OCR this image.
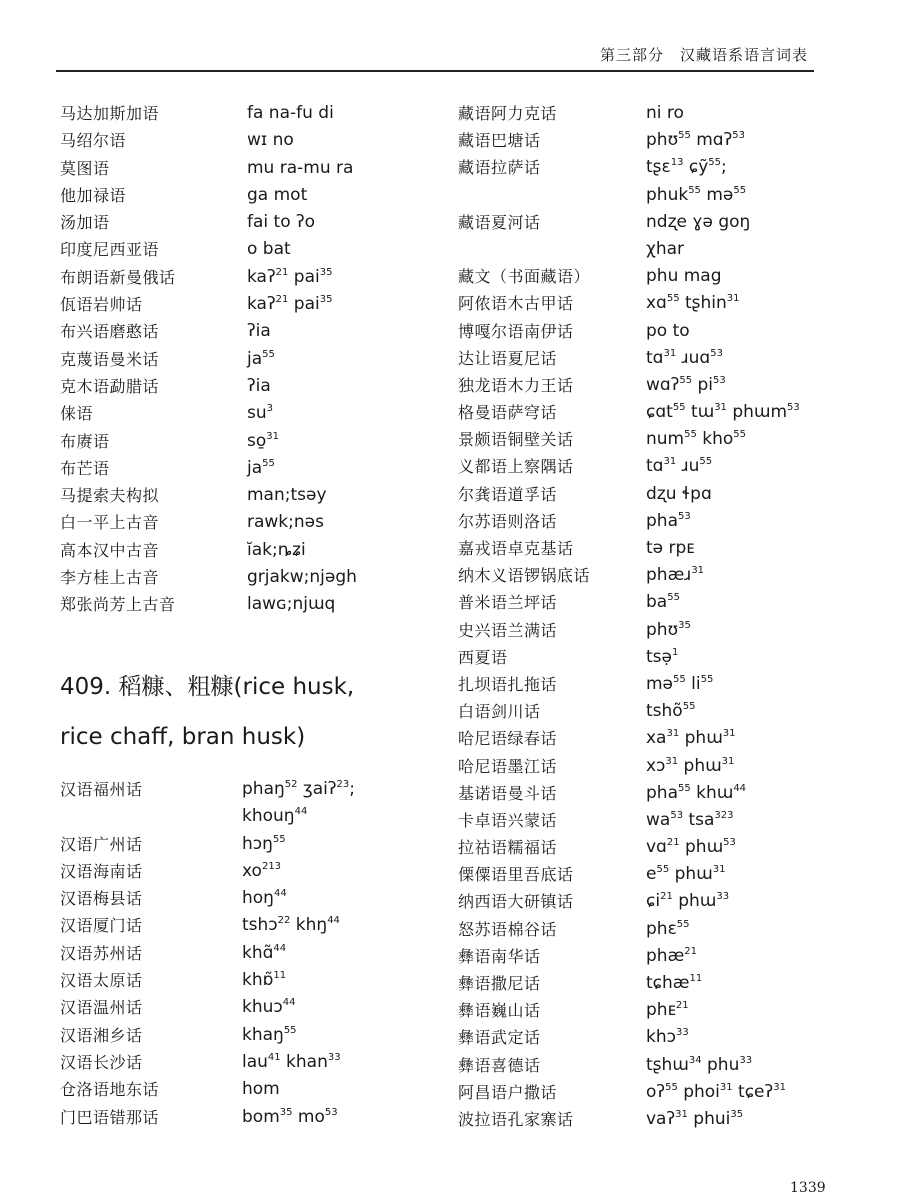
第三部分　汉藏语系语言词表
马达加斯加语	fa na-fu di
马绍尔语	wɪ no
莫图语	mu ra-mu ra
他加禄语	ga mot
汤加语	fai to ʔo
印度尼西亚语	o bat
布朗语新曼俄话	kaʔ$^{21}$ pai$^{35}$
佤语岩帅话	kaʔ$^{21}$ pai$^{35}$
布兴语磨憨话	ʔia
克蔑语曼米话	$ja^{55}$
克木语勐腊话	ʔia
俫语	$su^3$
布赓语	so̱$^{31}$
布芒语	$ja^{55}$
马提索夫构拟	man;tsəy
白一平上古音	rawk;nəs
高本汉中古音	ĭak;ȵʑi
李方桂上古音	grjakw;njəgh
郑张尚芳上古音	lawɢ;njɯq
409. 稻糠、粗糠(rice husk,
rice chaff, bran husk)
汉语福州话	phaŋ$^{52}$ ʒaiʔ$^{23}$;
khouŋ$^{44}$
汉语广州话	hɔŋ$^{55}$
汉语海南话	$xo^{213}$
汉语梅县话	hoŋ$^{44}$
汉语厦门话	tshɔ$^{22}$ khŋ$^{44}$
汉语苏州话	khɑ̃$^{44}$
汉语太原话	khɒ̃$^{11}$
汉语温州话	khuɔ$^{44}$
汉语湘乡话	khaŋ$^{55}$
汉语长沙话	lau$^{41}$ khan$^{33}$
仓洛语地东话	hom
门巴语错那话	bom$^{35}$ $mo^{53}$
藏语阿力克话	ni ro
藏语巴塘话	phʊ$^{55}$ mɑʔ$^{53}$
藏语拉萨话	tʂɛ$^{13}$ ɕỹ$^{55}$;
phuk$^{55}$ mə$^{55}$
藏语夏河话	ndʐe ɣə goŋ
χhar
藏文（书面藏语）	phu mag
阿侬语木古甲话	xɑ$^{55}$ tʂhin$^{31}$
博嘎尔语南伊话	po to
达让语夏尼话	tɑ$^{31}$ ɹuɑ$^{53}$
独龙语木力王话	wɑʔ$^{55}$ $pi^{53}$
格曼语萨穹话	ɕɑt$^{55}$ tɯ$^{31}$ phɯm$^{53}$
景颇语铜壁关话	num$^{55}$ kho$^{55}$
义都语上察隅话	tɑ$^{31}$ ɹu$^{55}$
尔龚语道孚话	dʐu ɬpɑ
尔苏语则洛话	pha$^{53}$
嘉戎语卓克基话	tə rpᴇ
纳木义语锣锅底话	phæɹ$^{31}$
普米语兰坪话	$ba^{55}$
史兴语兰满话	phʊ$^{35}$
西夏语	tsə̣$^1$
扎坝语扎拖话	mə$^{55}$ $li^{55}$
白语剑川话	tshõ$^{55}$
哈尼语绿春话	$xa^{31}$ phɯ$^{31}$
哈尼语墨江话	xɔ$^{31}$ phɯ$^{31}$
基诺语曼斗话	pha$^{55}$ khɯ$^{44}$
卡卓语兴蒙话	$wa^{53}$ tsa$^{323}$
拉祜语糯福话	vɑ$^{21}$ phɯ$^{53}$
傈僳语里吾底话	$e^{55}$ phɯ$^{31}$
纳西语大研镇话	ɕi$^{21}$ phɯ$^{33}$
怒苏语棉谷话	phɛ$^{55}$
彝语南华话	phæ$^{21}$
彝语撒尼话	tɕhæ$^{11}$
彝语巍山话	phᴇ$^{21}$
彝语武定话	khɔ$^{33}$
彝语喜德话	tʂhɯ$^{34}$ phu$^{33}$
阿昌语户撒话	oʔ$^{55}$ phoi$^{31}$ tɕeʔ$^{31}$
波拉语孔家寨话	vaʔ$^{31}$ phui$^{35}$
1339
